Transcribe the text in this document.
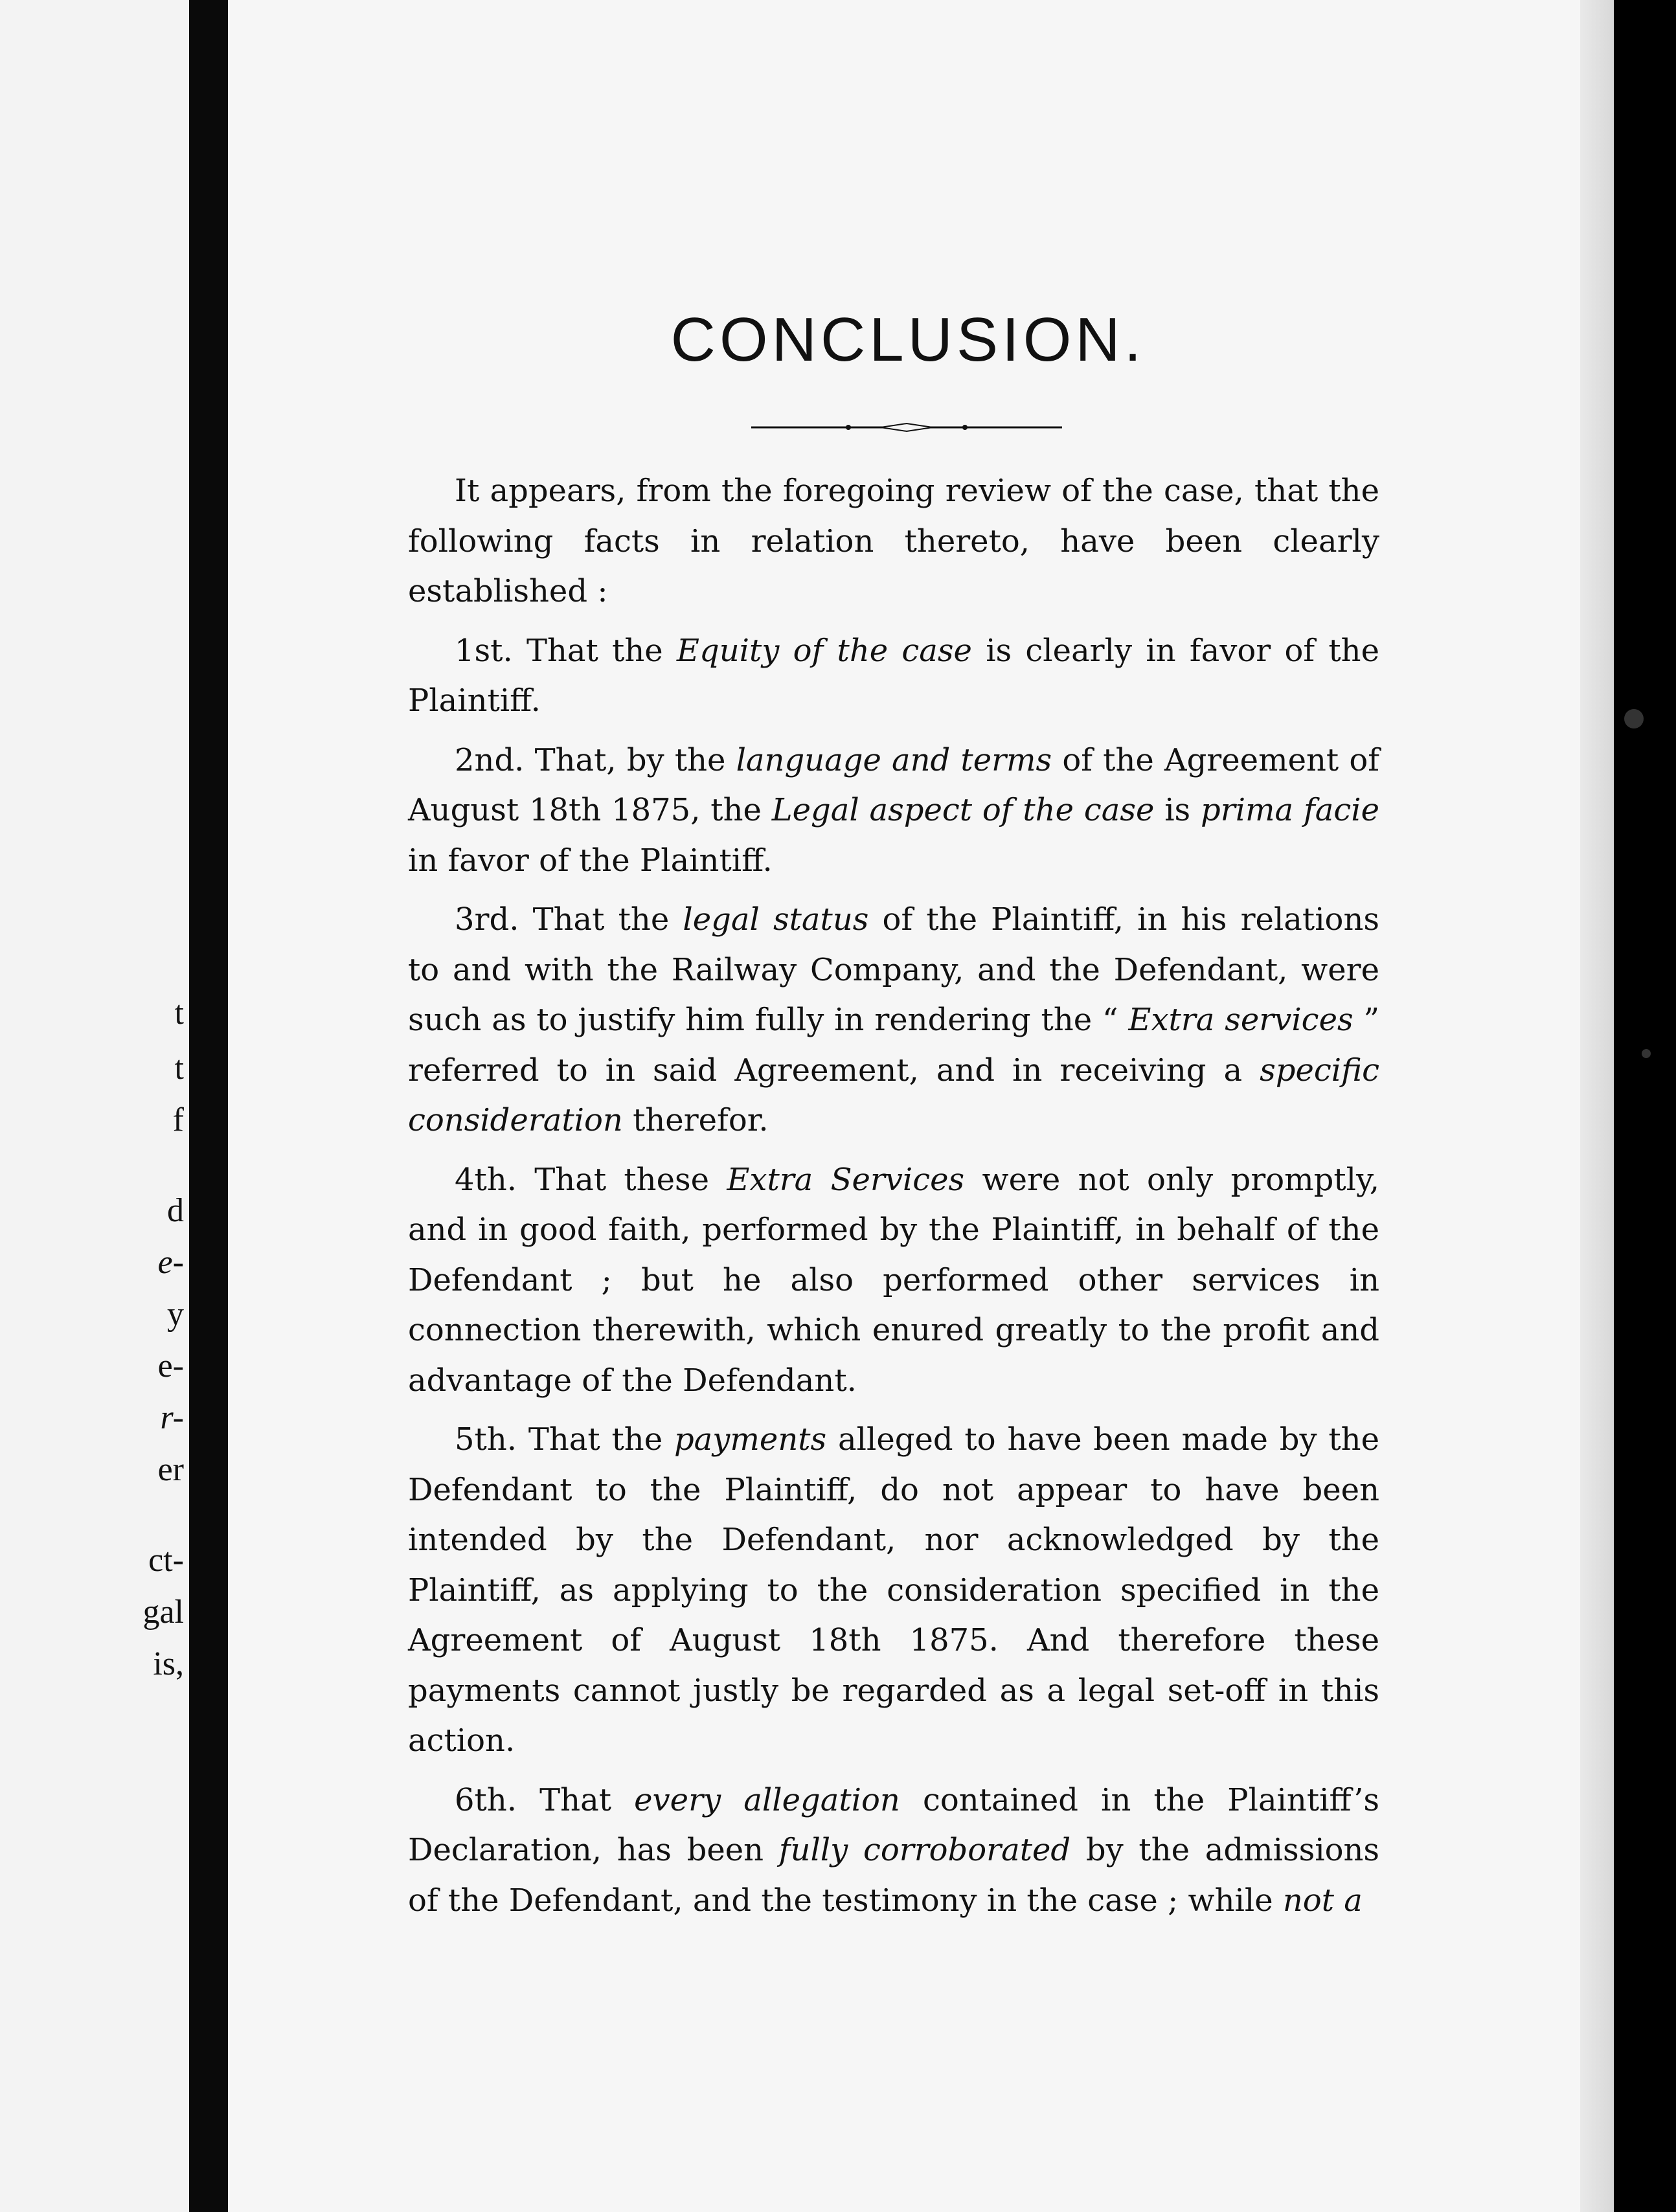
t
t
f
d
e-
y
e-
r-
er
ct-
gal
is,
CONCLUSION.

It appears, from the foregoing review of the case, that the following facts in relation thereto, have been clearly established :

1st. That the Equity of the case is clearly in favor of the Plaintiff.

2nd. That, by the language and terms of the Agreement of August 18th 1875, the Legal aspect of the case is prima facie in favor of the Plaintiff.

3rd. That the legal status of the Plaintiff, in his relations to and with the Railway Company, and the Defendant, were such as to justify him fully in rendering the “ Extra services ” referred to in said Agreement, and in receiving a specific consideration therefor.

4th. That these Extra Services were not only promptly, and in good faith, performed by the Plaintiff, in behalf of the Defendant ; but he also performed other services in connection therewith, which enured greatly to the profit and advantage of the Defendant.

5th. That the payments alleged to have been made by the Defendant to the Plaintiff, do not appear to have been intended by the Defendant, nor acknowledged by the Plaintiff, as applying to the consideration specified in the Agreement of August 18th 1875. And therefore these payments cannot justly be regarded as a legal set-off in this action.

6th. That every allegation contained in the Plaintiff’s Declaration, has been fully corroborated by the admissions of the Defendant, and the testimony in the case ; while not a
